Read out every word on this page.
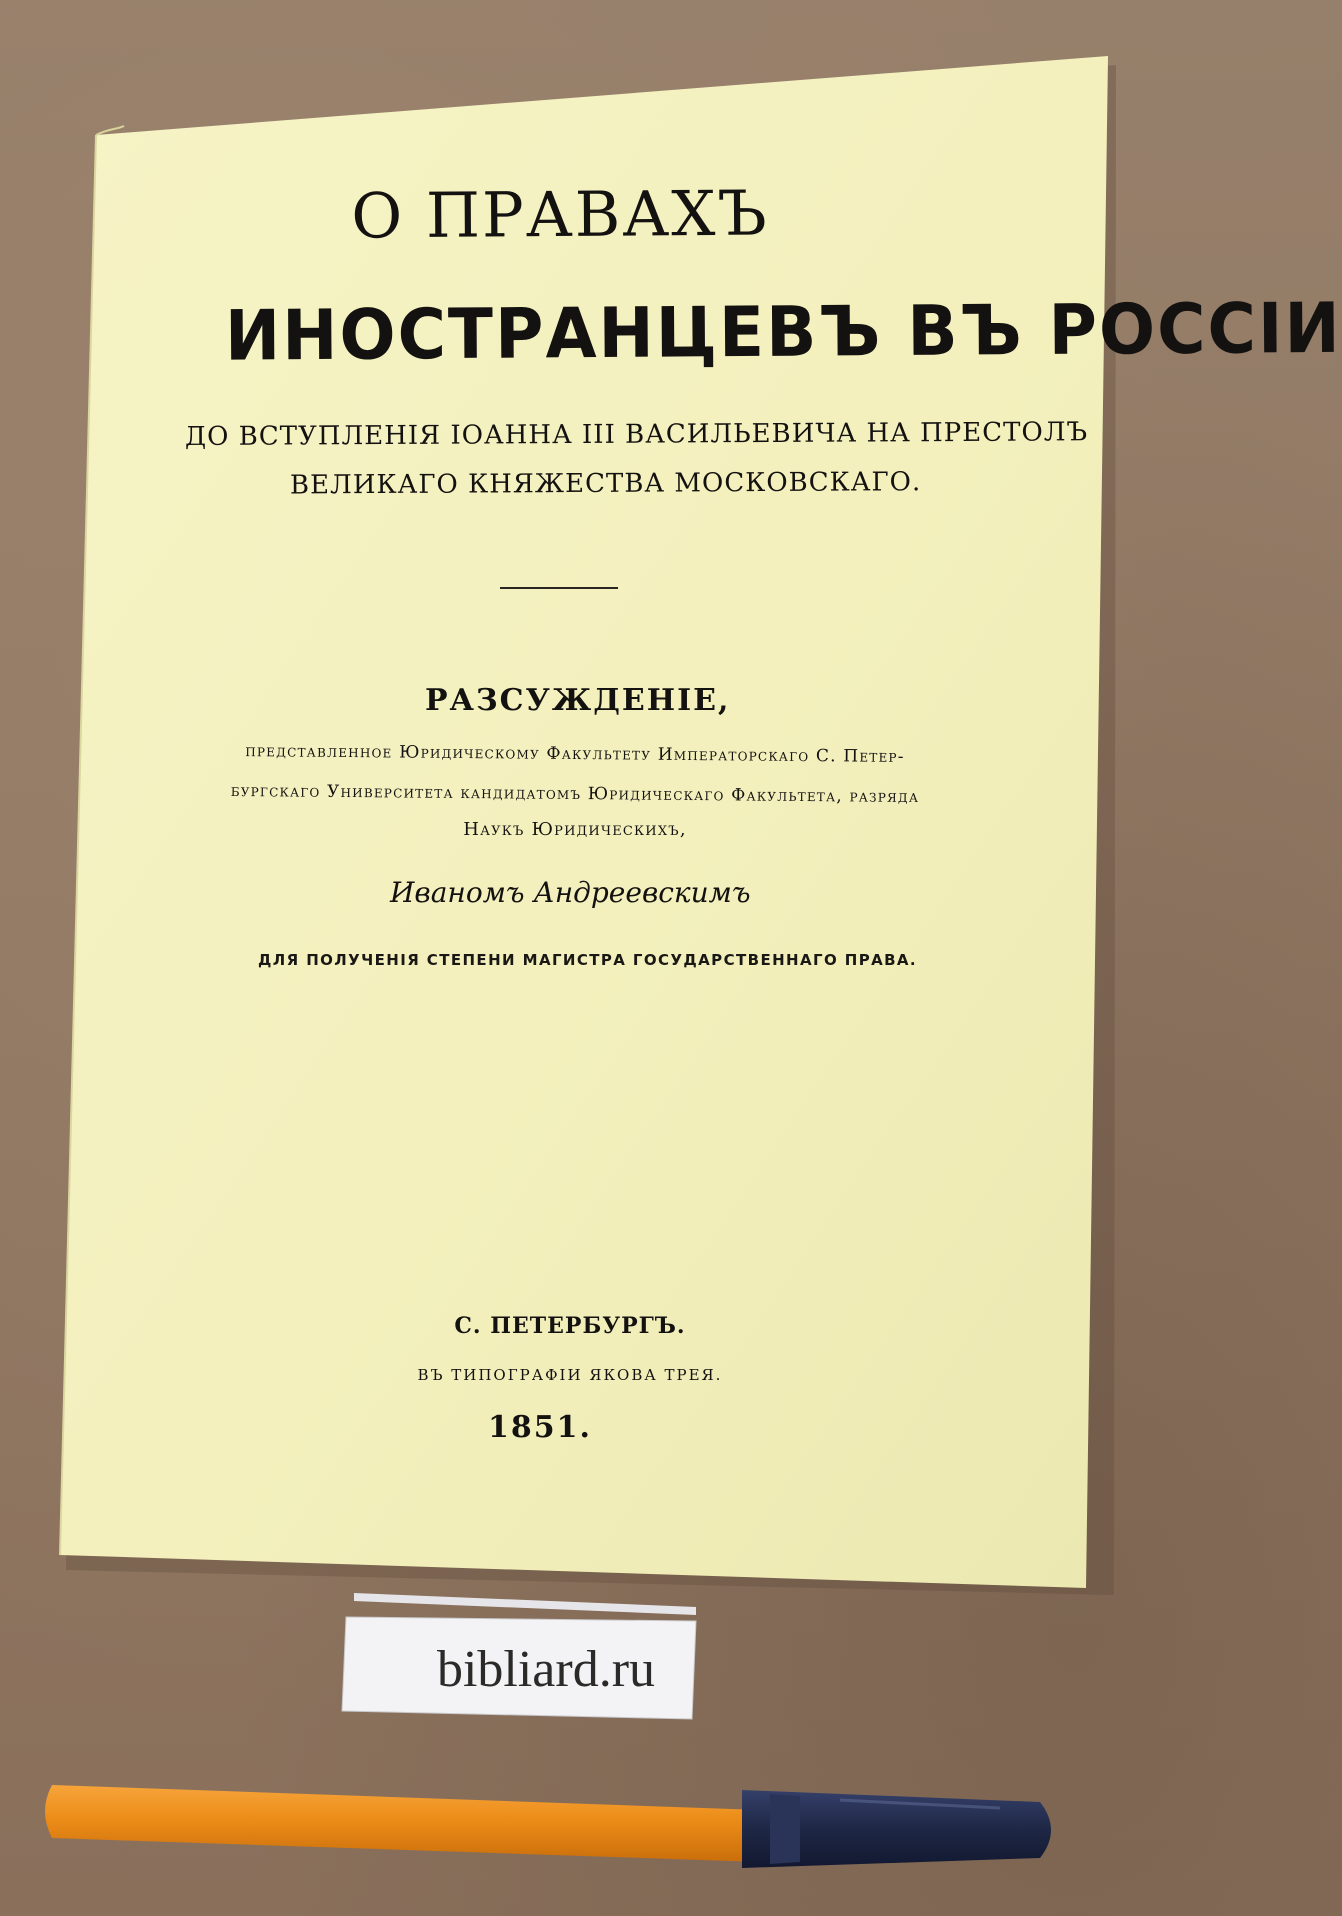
О ПРАВАХЪ
ИНОСТРАНЦЕВЪ ВЪ РОССІИ
ДО ВСТУПЛЕНІЯ ІОАННА III ВАСИЛЬЕВИЧА НА ПРЕСТОЛЪ
ВЕЛИКАГО КНЯЖЕСТВА МОСКОВСКАГО.
РАЗСУЖДЕНІЕ,
представленное Юридическому Факультету Императорскаго С. Петер-
бургскаго Университета кандидатомъ Юридическаго Факультета, разряда
Наукъ Юридическихъ,
Иваномъ Андреевскимъ
ДЛЯ ПОЛУЧЕНІЯ СТЕПЕНИ МАГИСТРА ГОСУДАРСТВЕННАГО ПРАВА.
С. ПЕТЕРБУРГЪ.
ВЪ ТИПОГРАФІИ ЯКОВА ТРЕЯ.
1851.
bibliard.ru
